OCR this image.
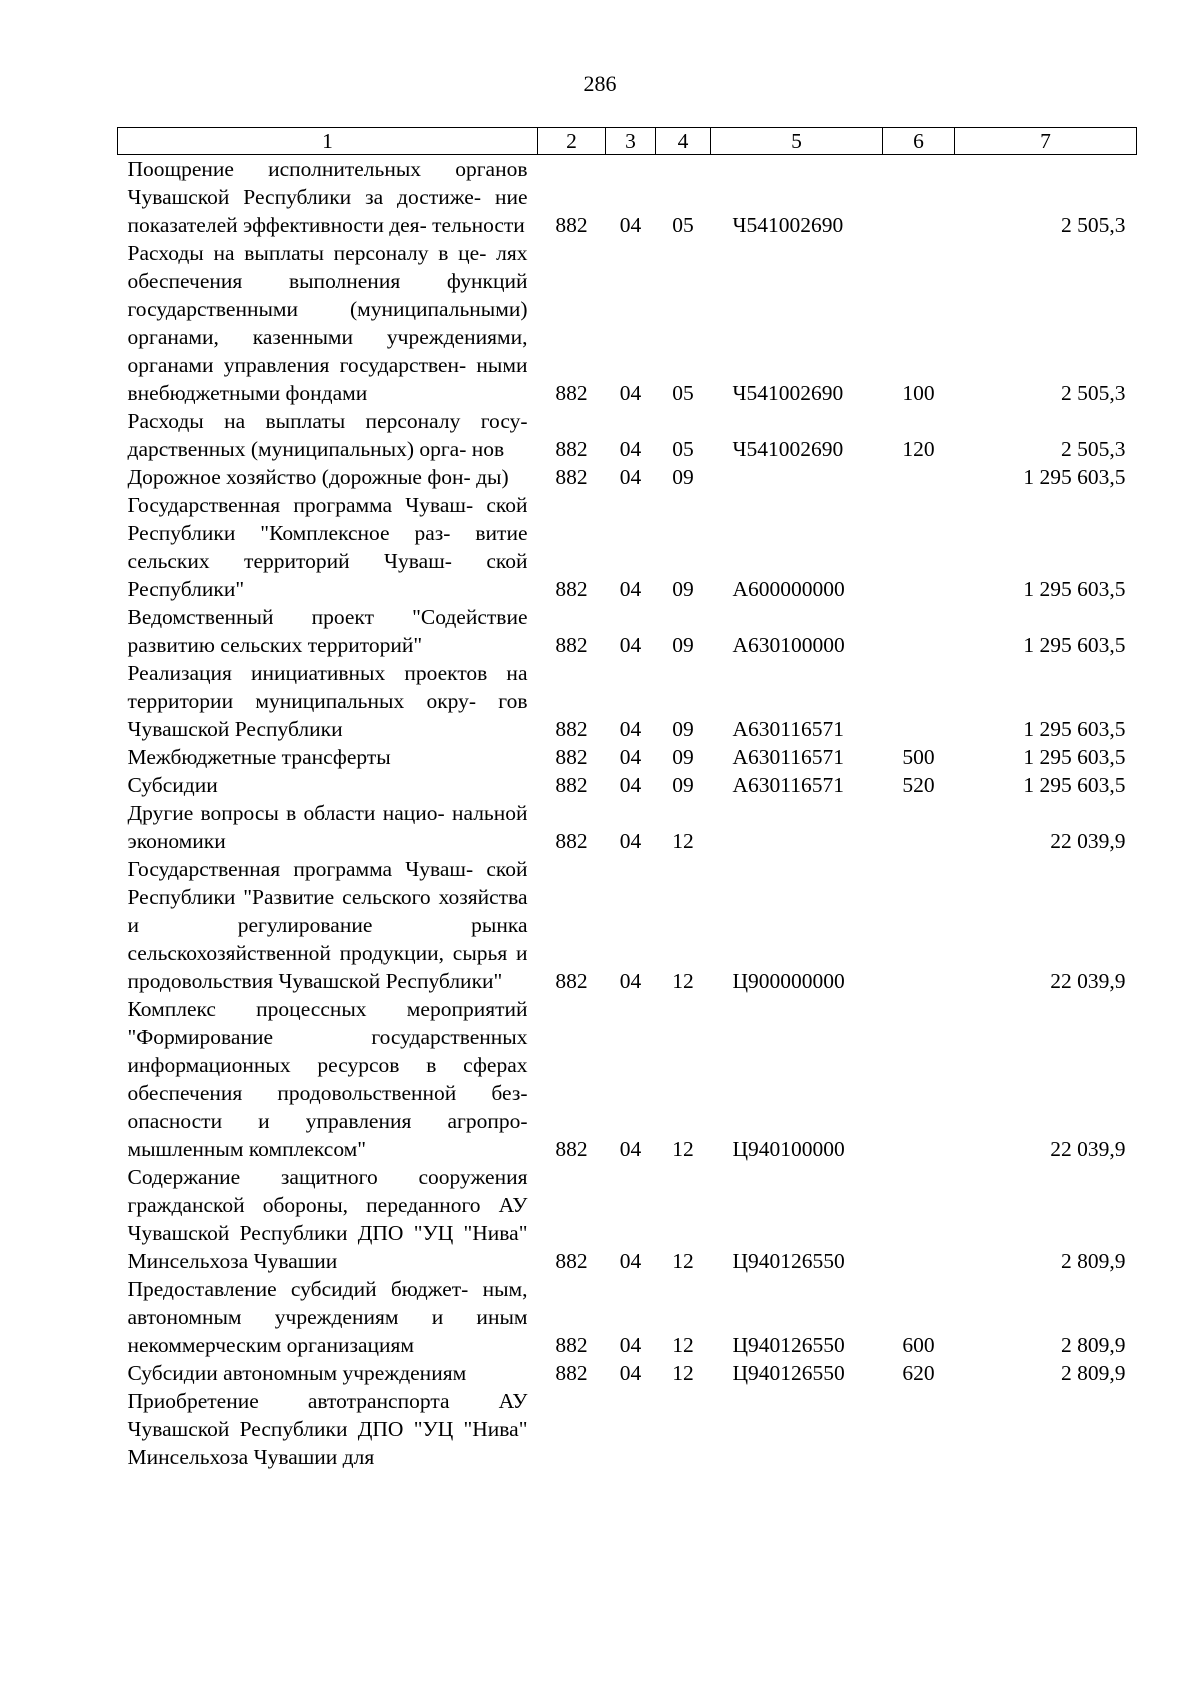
286
1	2	3	4	5	6	7
Поощрение исполнительных органов Чувашской Республики за достиже- ние показателей эффективности дея- тельности	882	04	05	Ч541002690		2 505,3
Расходы на выплаты персоналу в це- лях обеспечения выполнения функций государственными (муниципальными) органами, казенными учреждениями, органами управления государствен- ными внебюджетными фондами	882	04	05	Ч541002690	100	2 505,3
Расходы на выплаты персоналу госу- дарственных (муниципальных) орга- нов	882	04	05	Ч541002690	120	2 505,3
Дорожное хозяйство (дорожные фон- ды)	882	04	09			1 295 603,5
Государственная программа Чуваш- ской Республики "Комплексное раз- витие сельских территорий Чуваш- ской Республики"	882	04	09	А600000000		1 295 603,5
Ведомственный проект "Содействие развитию сельских территорий"	882	04	09	А630100000		1 295 603,5
Реализация инициативных проектов на территории муниципальных окру- гов Чувашской Республики	882	04	09	А630116571		1 295 603,5
Межбюджетные трансферты	882	04	09	А630116571	500	1 295 603,5
Субсидии	882	04	09	А630116571	520	1 295 603,5
Другие вопросы в области нацио- нальной экономики	882	04	12			22 039,9
Государственная программа Чуваш- ской Республики "Развитие сельского хозяйства и регулирование рынка сельскохозяйственной продукции, сырья и продовольствия Чувашской Республики"	882	04	12	Ц900000000		22 039,9
Комплекс процессных мероприятий "Формирование государственных информационных ресурсов в сферах обеспечения продовольственной без- опасности и управления агропро- мышленным комплексом"	882	04	12	Ц940100000		22 039,9
Содержание защитного сооружения гражданской обороны, переданного АУ Чувашской Республики ДПО "УЦ "Нива" Минсельхоза Чувашии	882	04	12	Ц940126550		2 809,9
Предоставление субсидий бюджет- ным, автономным учреждениям и иным некоммерческим организациям	882	04	12	Ц940126550	600	2 809,9
Субсидии автономным учреждениям	882	04	12	Ц940126550	620	2 809,9
Приобретение автотранспорта АУ Чувашской Республики ДПО "УЦ "Нива" Минсельхоза Чувашии для						
